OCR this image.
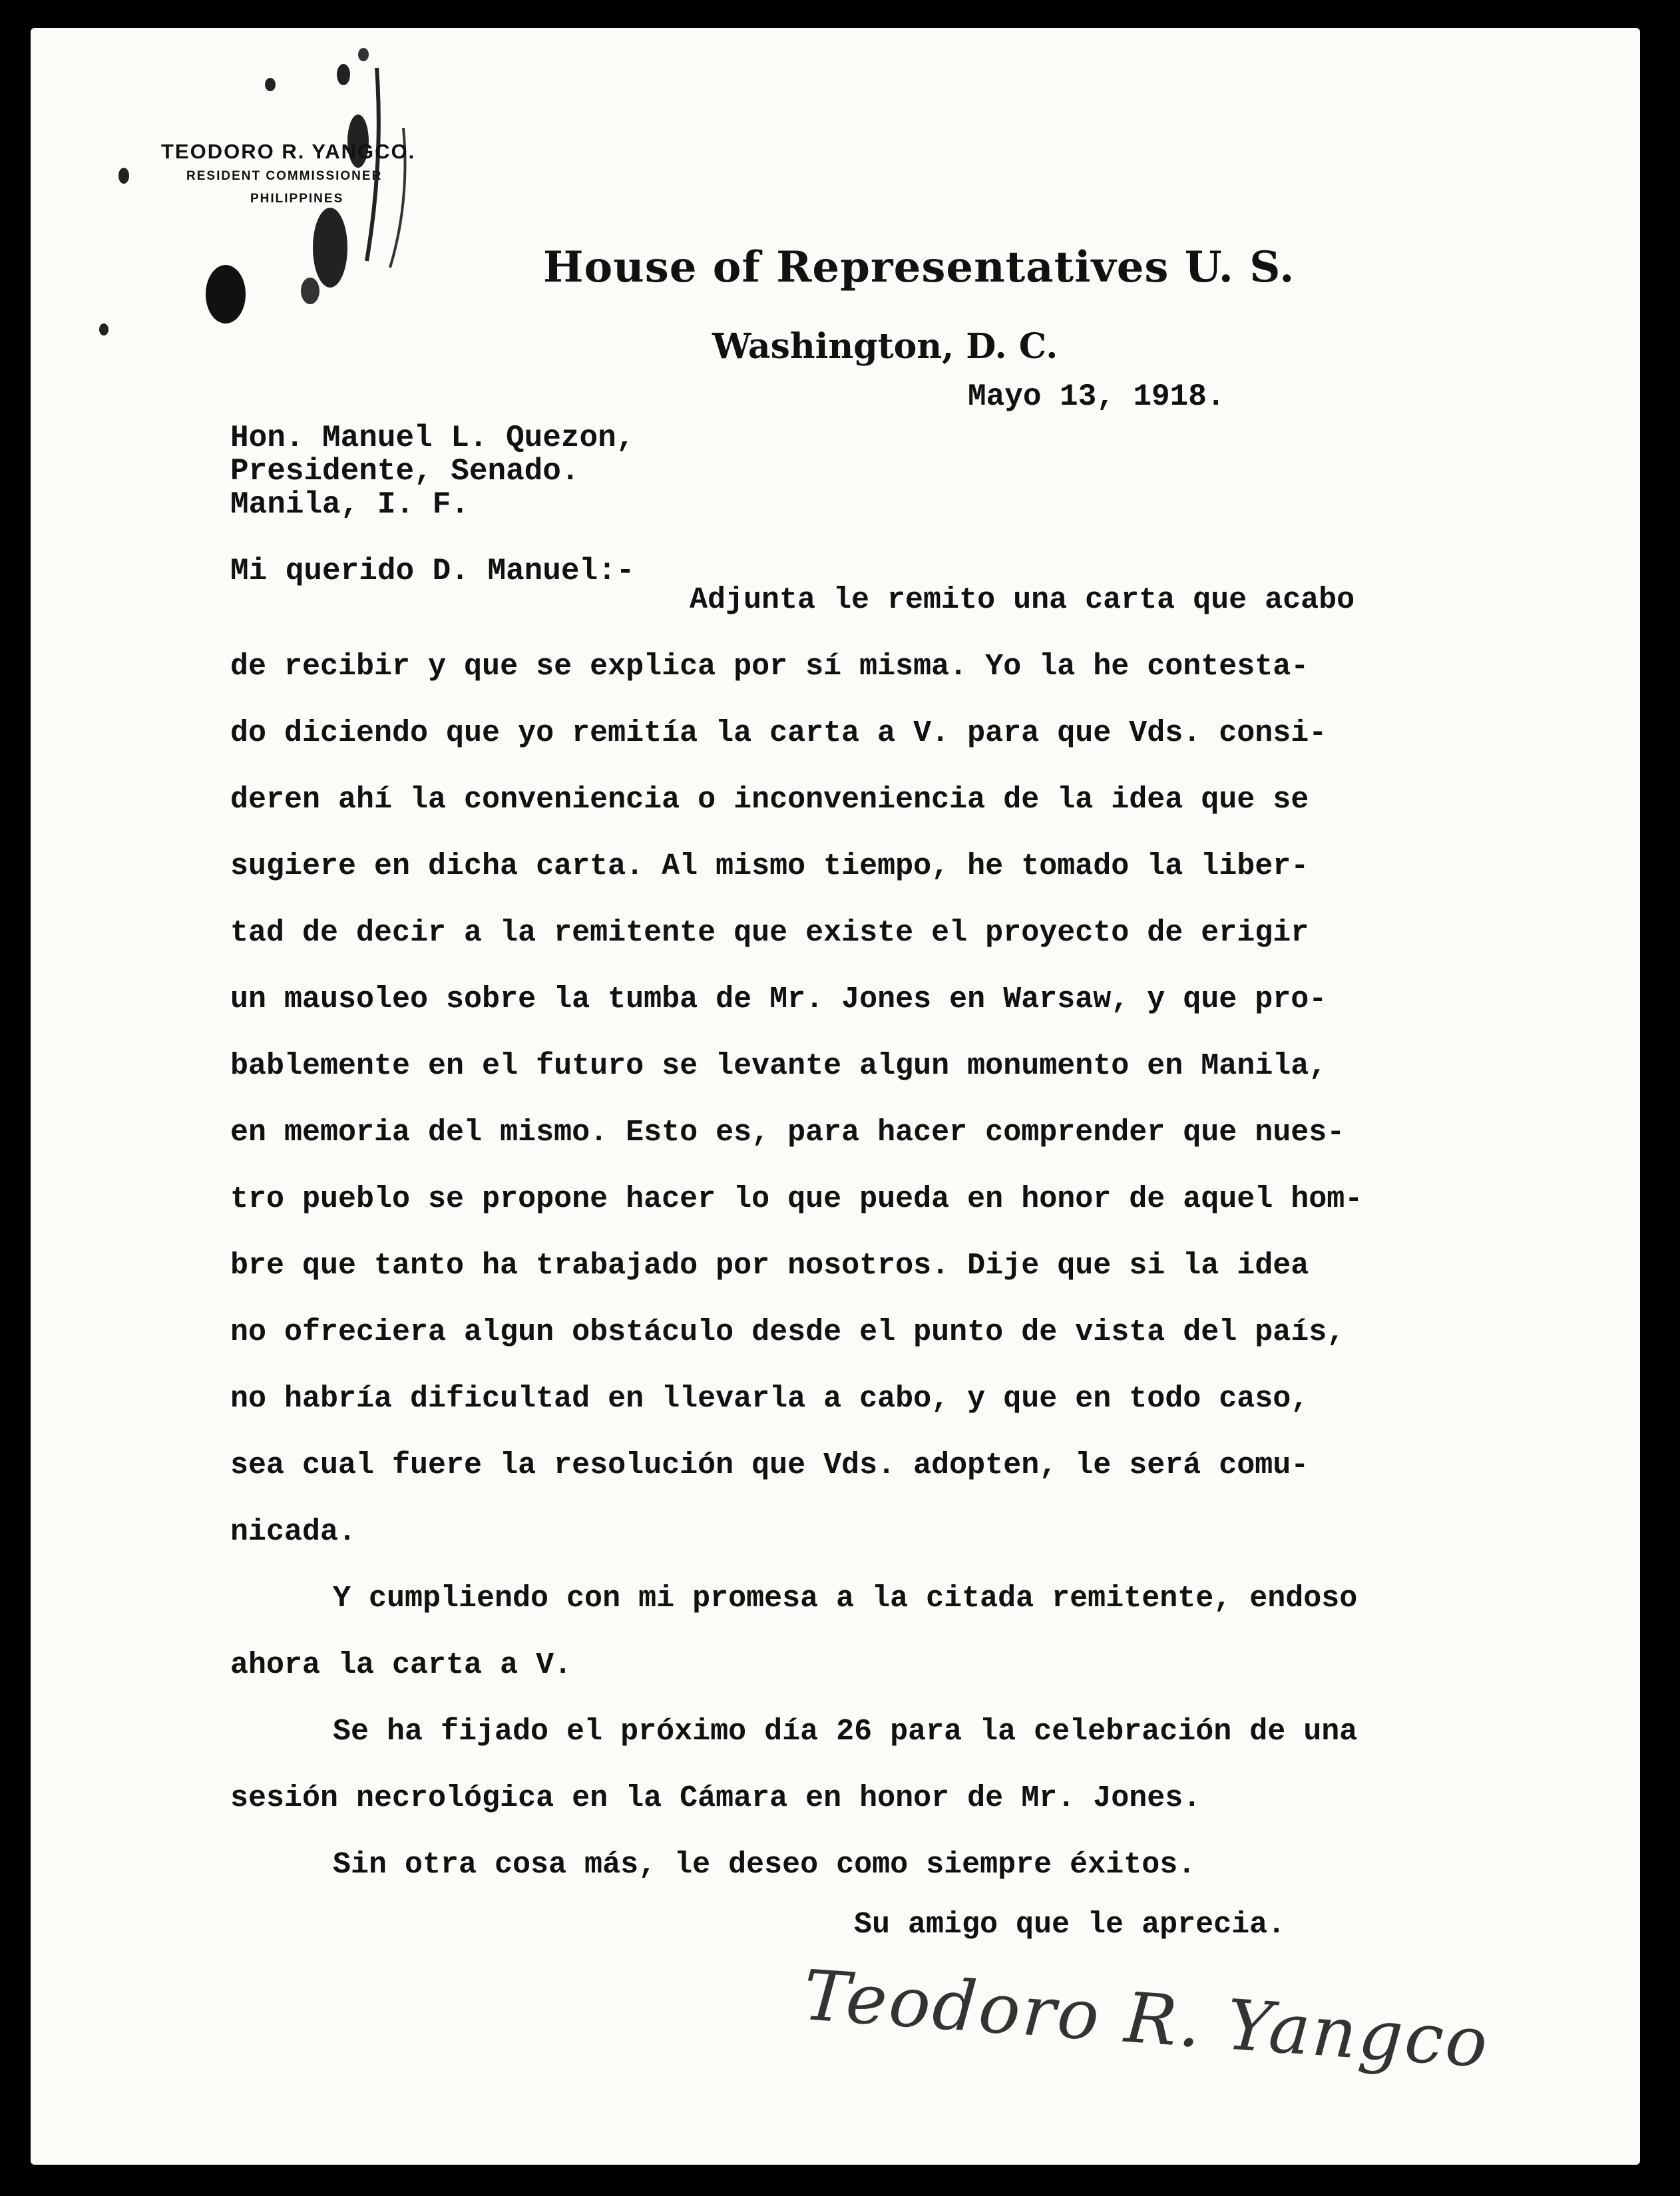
TEODORO R. YANGCO.
RESIDENT COMMISSIONER
PHILIPPINES
House of Representatives U. S.
Washington, D. C.
Mayo 13, 1918.
Hon. Manuel L. Quezon,
Presidente, Senado.
Manila, I. F.
Mi querido D. Manuel:-
Adjunta le remito una carta que acabo
de recibir y que se explica por sí misma. Yo la he contesta-
do diciendo que yo remitía la carta a V. para que Vds. consi-
deren ahí la conveniencia o inconveniencia de la idea que se
sugiere en dicha carta. Al mismo tiempo, he tomado la liber-
tad de decir a la remitente que existe el proyecto de erigir
un mausoleo sobre la tumba de Mr. Jones en Warsaw, y que pro-
bablemente en el futuro se levante algun monumento en Manila,
en memoria del mismo. Esto es, para hacer comprender que nues-
tro pueblo se propone hacer lo que pueda en honor de aquel hom-
bre que tanto ha trabajado por nosotros. Dije que si la idea
no ofreciera algun obstáculo desde el punto de vista del país,
no habría dificultad en llevarla a cabo, y que en todo caso,
sea cual fuere la resolución que Vds. adopten, le será comu-
nicada.
Y cumpliendo con mi promesa a la citada remitente, endoso
ahora la carta a V.
Se ha fijado el próximo día 26 para la celebración de una
sesión necrológica en la Cámara en honor de Mr. Jones.
Sin otra cosa más, le deseo como siempre éxitos.
Su amigo que le aprecia.
Teodoro R. Yangco
